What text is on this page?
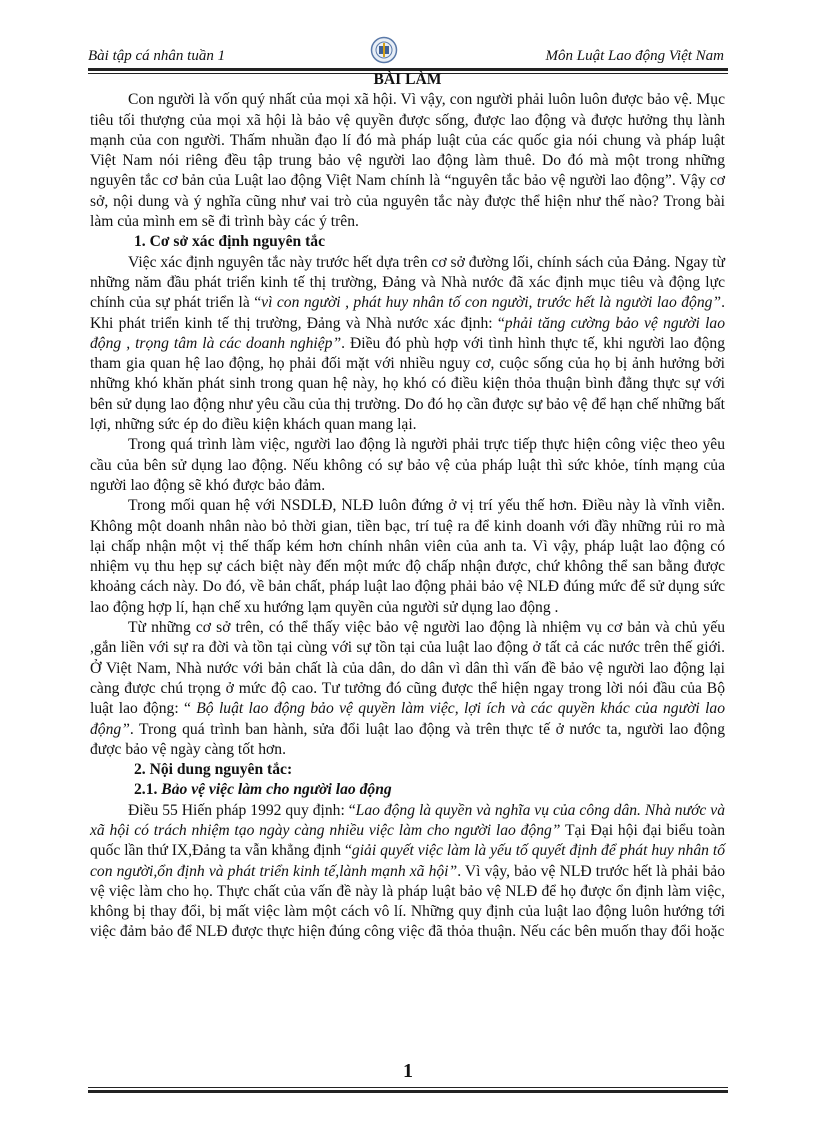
Bài tập cá nhân tuần 1	Môn Luật Lao động Việt Nam

BÀI LÀM

Con người là vốn quý nhất của mọi xã hội. Vì vậy, con người phải luôn luôn được bảo vệ. Mục tiêu tối thượng của mọi xã hội là bảo vệ quyền được sống, được lao động và được hưởng thụ lành mạnh của con người. Thấm nhuần đạo lí đó mà pháp luật của các quốc gia nói chung và pháp luật Việt Nam nói riêng đều tập trung bảo vệ người lao động làm thuê. Do đó mà một trong những nguyên tắc cơ bản của Luật lao động Việt Nam chính là “nguyên tắc bảo vệ người lao động”. Vậy cơ sở, nội dung và ý nghĩa cũng như vai trò của nguyên tắc này được thể hiện như thế nào? Trong bài làm của mình em sẽ đi trình bày các ý trên.

1. Cơ sở xác định nguyên tắc

Việc xác định nguyên tắc này trước hết dựa trên cơ sở đường lối, chính sách của Đảng. Ngay từ những năm đầu phát triển kinh tế thị trường, Đảng và Nhà nước đã xác định mục tiêu và động lực chính của sự phát triển là “vì con người , phát huy nhân tố con người, trước hết là người lao động”. Khi phát triển kinh tế thị trường, Đảng và Nhà nước xác định: “phải tăng cường bảo vệ người lao động , trọng tâm là các doanh nghiệp”. Điều đó phù hợp với tình hình thực tế, khi người lao động tham gia quan hệ lao động, họ phải đối mặt với nhiều nguy cơ, cuộc sống của họ bị ảnh hưởng bởi những khó khăn phát sinh trong quan hệ này, họ khó có điều kiện thỏa thuận bình đẳng thực sự với bên sử dụng lao động như yêu cầu của thị trường. Do đó họ cần được sự bảo vệ để hạn chế những bất lợi, những sức ép do điều kiện khách quan mang lại.

Trong quá trình làm việc, người lao động là người phải trực tiếp thực hiện công việc theo yêu cầu của bên sử dụng lao động. Nếu không có sự bảo vệ của pháp luật thì sức khỏe, tính mạng của người lao động sẽ khó được bảo đảm.

Trong mối quan hệ với NSDLĐ, NLĐ luôn đứng ở vị trí yếu thế hơn. Điều này là vĩnh viễn. Không một doanh nhân nào bỏ thời gian, tiền bạc, trí tuệ ra để kinh doanh với đầy những rủi ro mà lại chấp nhận một vị thế thấp kém hơn chính nhân viên của anh ta. Vì vậy, pháp luật lao động có nhiệm vụ thu hẹp sự cách biệt này đến một mức độ chấp nhận được, chứ không thể san bằng được khoảng cách này. Do đó, về bản chất, pháp luật lao động phải bảo vệ NLĐ đúng mức để sử dụng sức lao động hợp lí, hạn chế xu hướng lạm quyền của người sử dụng lao động .

Từ những cơ sở trên, có thể thấy việc bảo vệ người lao động là nhiệm vụ cơ bản và chủ yếu ,gắn liền với sự ra đời và tồn tại cùng với sự tồn tại của luật lao động ở tất cả các nước trên thế giới. Ở Việt Nam, Nhà nước với bản chất là của dân, do dân vì dân thì vấn đề bảo vệ người lao động lại càng được chú trọng ở mức độ cao. Tư tưởng đó cũng được thể hiện ngay trong lời nói đầu của Bộ luật lao động: “ Bộ luật lao động bảo vệ quyền làm việc, lợi ích và các quyền khác của người lao động”. Trong quá trình ban hành, sửa đổi luật lao động và trên thực tế ở nước ta, người lao động được bảo vệ ngày càng tốt hơn.

2. Nội dung nguyên tắc:

2.1. Bảo vệ việc làm cho người lao động

Điều 55 Hiến pháp 1992 quy định: “Lao động là quyền và nghĩa vụ của công dân. Nhà nước và xã hội có trách nhiệm tạo ngày càng nhiều việc làm cho người lao động” Tại Đại hội đại biểu toàn quốc lần thứ IX,Đảng ta vẫn khẳng định “giải quyết việc làm là yếu tố quyết định để phát huy nhân tố con người,ổn định và phát triển kinh tế,lành mạnh xã hội”. Vì vậy, bảo vệ NLĐ trước hết là phải bảo vệ việc làm cho họ. Thực chất của vấn đề này là pháp luật bảo vệ NLĐ để họ được ổn định làm việc, không bị thay đổi, bị mất việc làm một cách vô lí. Những quy định của luật lao động luôn hướng tới việc đảm bảo để NLĐ được thực hiện đúng công việc đã thỏa thuận. Nếu các bên muốn thay đổi hoặc

1
